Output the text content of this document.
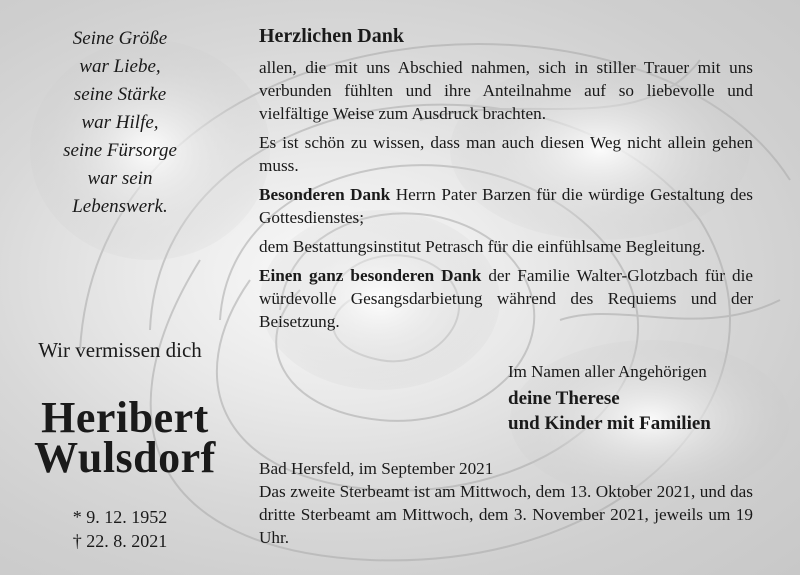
Seine Größe
war Liebe,
seine Stärke
war Hilfe,
seine Fürsorge
war sein
Lebenswerk.
Wir vermissen dich
Heribert
Wulsdorf
* 9. 12. 1952
† 22. 8. 2021
Herzlichen Dank

allen, die mit uns Abschied nahmen, sich in stiller Trauer mit uns verbunden fühlten und ihre Anteilnahme auf so liebevolle und vielfältige Weise zum Ausdruck brachten.

Es ist schön zu wissen, dass man auch diesen Weg nicht allein gehen muss.

Besonderen Dank Herrn Pater Barzen für die würdige Gestaltung des Gottesdienstes;

dem Bestattungsinstitut Petrasch für die einfühlsame Begleitung.

Einen ganz besonderen Dank der Familie Walter-Glotzbach für die würdevolle Gesangsdarbietung während des Requiems und der Beisetzung.

Im Namen aller Angehörigen
deine Therese
und Kinder mit Familien

Bad Hersfeld, im September 2021

Das zweite Sterbeamt ist am Mittwoch, dem 13. Oktober 2021, und das dritte Sterbeamt am Mittwoch, dem 3. November 2021, jeweils um 19 Uhr.
